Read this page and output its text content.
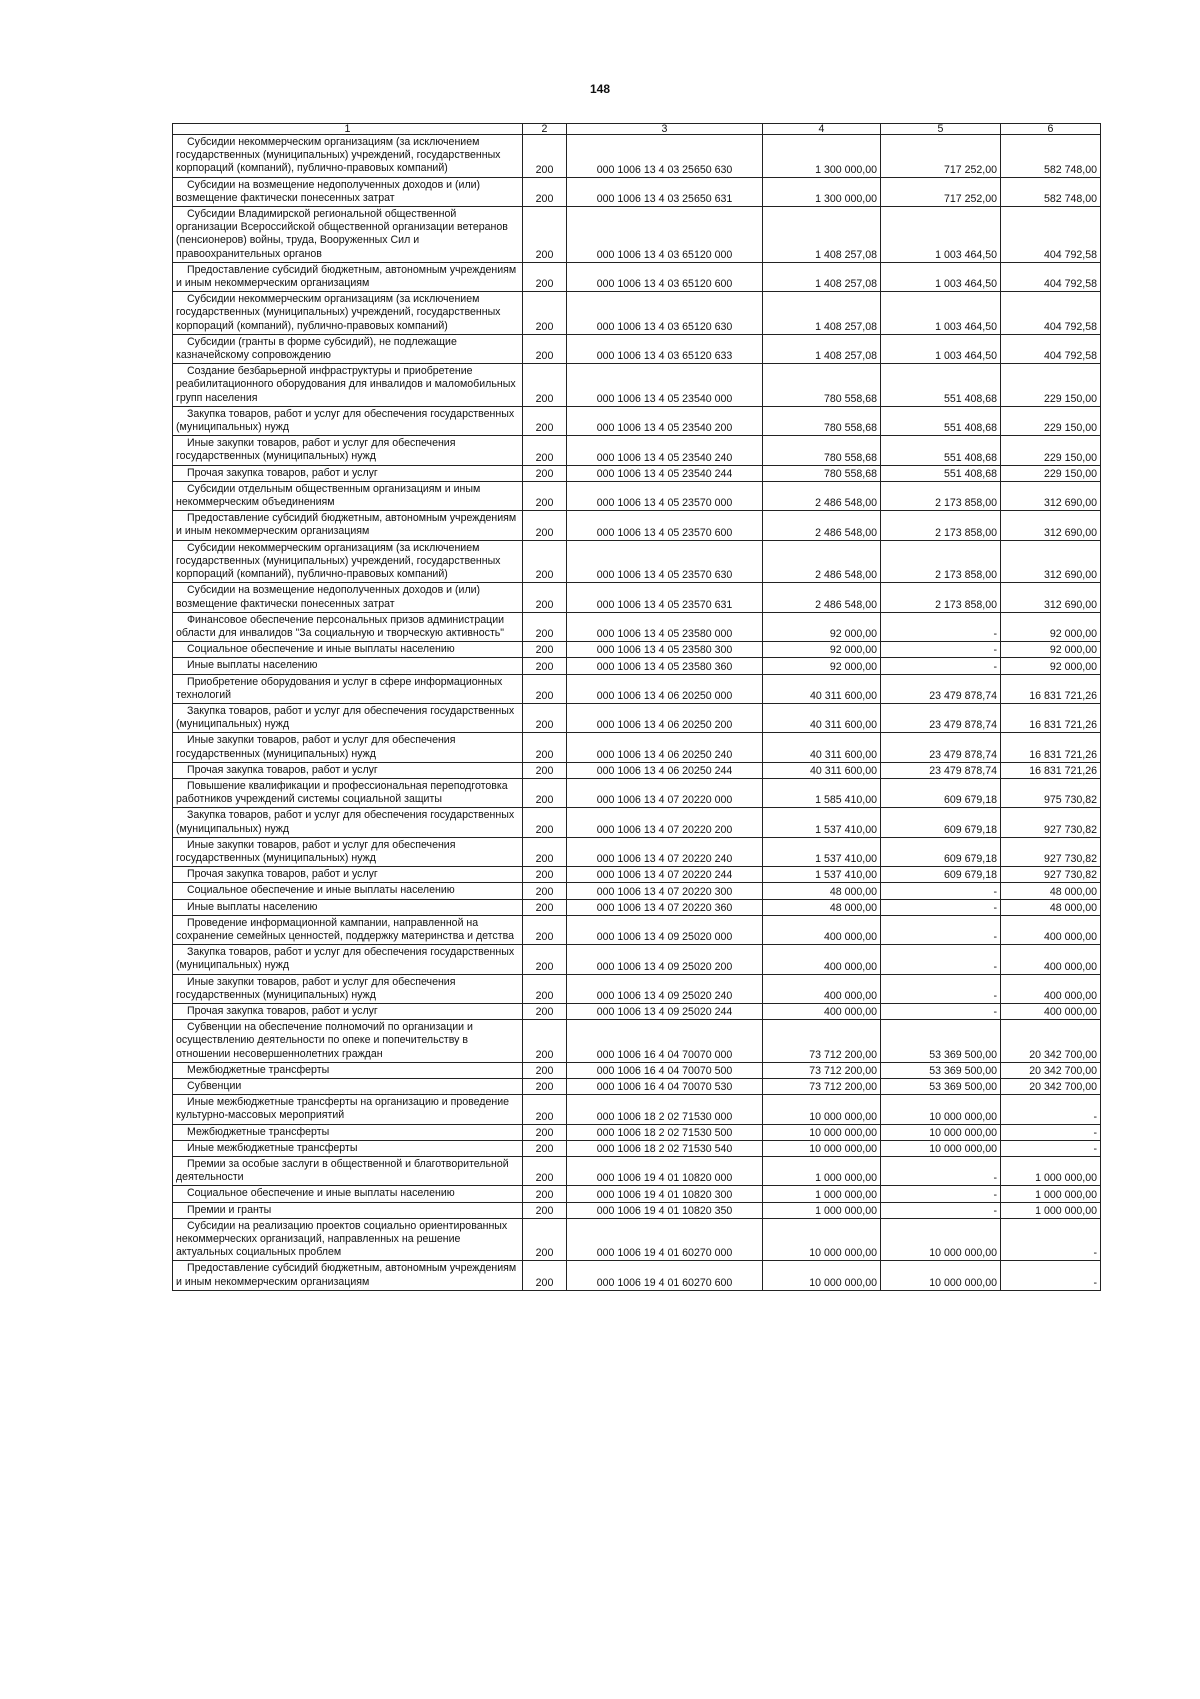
148
1	2	3	4	5	6
Субсидии некоммерческим организациям (за исключением государственных (муниципальных) учреждений, государственных корпораций (компаний), публично-правовых компаний)	200	000 1006 13 4 03 25650 630	1 300 000,00	717 252,00	582 748,00
Субсидии на возмещение недополученных доходов и (или) возмещение фактически понесенных затрат	200	000 1006 13 4 03 25650 631	1 300 000,00	717 252,00	582 748,00
Субсидии Владимирской региональной общественной организации Всероссийской общественной организации ветеранов (пенсионеров) войны, труда, Вооруженных Сил и правоохранительных органов	200	000 1006 13 4 03 65120 000	1 408 257,08	1 003 464,50	404 792,58
Предоставление субсидий бюджетным, автономным учреждениям и иным некоммерческим организациям	200	000 1006 13 4 03 65120 600	1 408 257,08	1 003 464,50	404 792,58
Субсидии некоммерческим организациям (за исключением государственных (муниципальных) учреждений, государственных корпораций (компаний), публично-правовых компаний)	200	000 1006 13 4 03 65120 630	1 408 257,08	1 003 464,50	404 792,58
Субсидии (гранты в форме субсидий), не подлежащие казначейскому сопровождению	200	000 1006 13 4 03 65120 633	1 408 257,08	1 003 464,50	404 792,58
Создание безбарьерной инфраструктуры и приобретение реабилитационного оборудования для инвалидов и маломобильных групп населения	200	000 1006 13 4 05 23540 000	780 558,68	551 408,68	229 150,00
Закупка товаров, работ и услуг для обеспечения государственных (муниципальных) нужд	200	000 1006 13 4 05 23540 200	780 558,68	551 408,68	229 150,00
Иные закупки товаров, работ и услуг для обеспечения государственных (муниципальных) нужд	200	000 1006 13 4 05 23540 240	780 558,68	551 408,68	229 150,00
Прочая закупка товаров, работ и услуг	200	000 1006 13 4 05 23540 244	780 558,68	551 408,68	229 150,00
Субсидии отдельным общественным организациям и иным некоммерческим объединениям	200	000 1006 13 4 05 23570 000	2 486 548,00	2 173 858,00	312 690,00
Предоставление субсидий бюджетным, автономным учреждениям и иным некоммерческим организациям	200	000 1006 13 4 05 23570 600	2 486 548,00	2 173 858,00	312 690,00
Субсидии некоммерческим организациям (за исключением государственных (муниципальных) учреждений, государственных корпораций (компаний), публично-правовых компаний)	200	000 1006 13 4 05 23570 630	2 486 548,00	2 173 858,00	312 690,00
Субсидии на возмещение недополученных доходов и (или) возмещение фактически понесенных затрат	200	000 1006 13 4 05 23570 631	2 486 548,00	2 173 858,00	312 690,00
Финансовое обеспечение персональных призов администрации области для инвалидов "За социальную и творческую активность"	200	000 1006 13 4 05 23580 000	92 000,00	-	92 000,00
Социальное обеспечение и иные выплаты населению	200	000 1006 13 4 05 23580 300	92 000,00	-	92 000,00
Иные выплаты населению	200	000 1006 13 4 05 23580 360	92 000,00	-	92 000,00
Приобретение оборудования и услуг в сфере информационных технологий	200	000 1006 13 4 06 20250 000	40 311 600,00	23 479 878,74	16 831 721,26
Закупка товаров, работ и услуг для обеспечения государственных (муниципальных) нужд	200	000 1006 13 4 06 20250 200	40 311 600,00	23 479 878,74	16 831 721,26
Иные закупки товаров, работ и услуг для обеспечения государственных (муниципальных) нужд	200	000 1006 13 4 06 20250 240	40 311 600,00	23 479 878,74	16 831 721,26
Прочая закупка товаров, работ и услуг	200	000 1006 13 4 06 20250 244	40 311 600,00	23 479 878,74	16 831 721,26
Повышение квалификации и профессиональная переподготовка работников учреждений системы социальной защиты	200	000 1006 13 4 07 20220 000	1 585 410,00	609 679,18	975 730,82
Закупка товаров, работ и услуг для обеспечения государственных (муниципальных) нужд	200	000 1006 13 4 07 20220 200	1 537 410,00	609 679,18	927 730,82
Иные закупки товаров, работ и услуг для обеспечения государственных (муниципальных) нужд	200	000 1006 13 4 07 20220 240	1 537 410,00	609 679,18	927 730,82
Прочая закупка товаров, работ и услуг	200	000 1006 13 4 07 20220 244	1 537 410,00	609 679,18	927 730,82
Социальное обеспечение и иные выплаты населению	200	000 1006 13 4 07 20220 300	48 000,00	-	48 000,00
Иные выплаты населению	200	000 1006 13 4 07 20220 360	48 000,00	-	48 000,00
Проведение информационной кампании, направленной на сохранение семейных ценностей, поддержку материнства и детства	200	000 1006 13 4 09 25020 000	400 000,00	-	400 000,00
Закупка товаров, работ и услуг для обеспечения государственных (муниципальных) нужд	200	000 1006 13 4 09 25020 200	400 000,00	-	400 000,00
Иные закупки товаров, работ и услуг для обеспечения государственных (муниципальных) нужд	200	000 1006 13 4 09 25020 240	400 000,00	-	400 000,00
Прочая закупка товаров, работ и услуг	200	000 1006 13 4 09 25020 244	400 000,00	-	400 000,00
Субвенции на обеспечение полномочий по организации и осуществлению деятельности по опеке и попечительству в отношении несовершеннолетних граждан	200	000 1006 16 4 04 70070 000	73 712 200,00	53 369 500,00	20 342 700,00
Межбюджетные трансферты	200	000 1006 16 4 04 70070 500	73 712 200,00	53 369 500,00	20 342 700,00
Субвенции	200	000 1006 16 4 04 70070 530	73 712 200,00	53 369 500,00	20 342 700,00
Иные межбюджетные трансферты на организацию и проведение культурно-массовых мероприятий	200	000 1006 18 2 02 71530 000	10 000 000,00	10 000 000,00	-
Межбюджетные трансферты	200	000 1006 18 2 02 71530 500	10 000 000,00	10 000 000,00	-
Иные межбюджетные трансферты	200	000 1006 18 2 02 71530 540	10 000 000,00	10 000 000,00	-
Премии за особые заслуги в общественной и благотворительной деятельности	200	000 1006 19 4 01 10820 000	1 000 000,00	-	1 000 000,00
Социальное обеспечение и иные выплаты населению	200	000 1006 19 4 01 10820 300	1 000 000,00	-	1 000 000,00
Премии и гранты	200	000 1006 19 4 01 10820 350	1 000 000,00	-	1 000 000,00
Субсидии на реализацию проектов социально ориентированных некоммерческих организаций, направленных на решение актуальных социальных проблем	200	000 1006 19 4 01 60270 000	10 000 000,00	10 000 000,00	-
Предоставление субсидий бюджетным, автономным учреждениям и иным некоммерческим организациям	200	000 1006 19 4 01 60270 600	10 000 000,00	10 000 000,00	-
